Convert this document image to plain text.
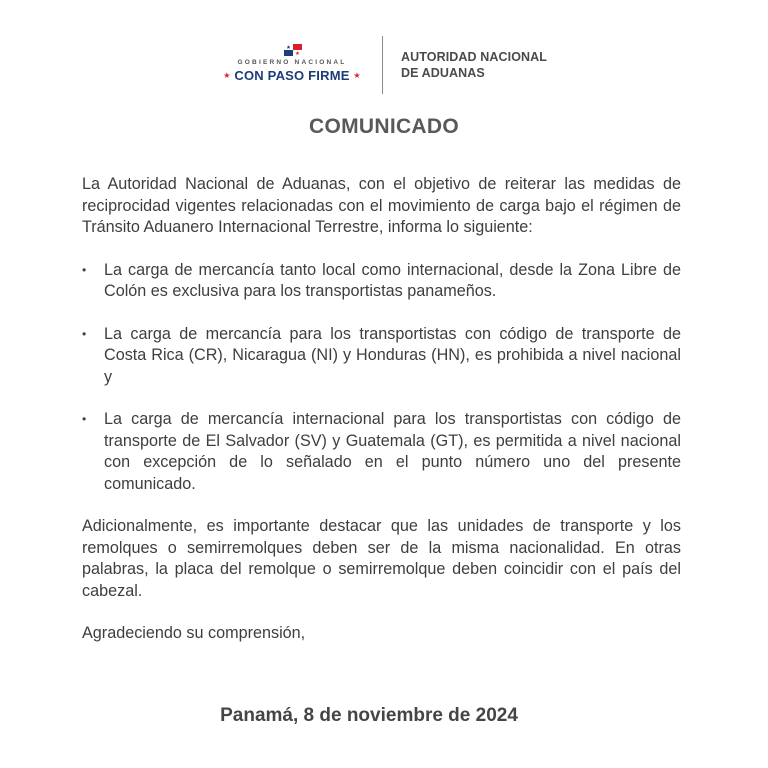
GOBIERNO NACIONAL
★ CON PASO FIRME ★
AUTORIDAD NACIONAL
DE ADUANAS
COMUNICADO

La Autoridad Nacional de Aduanas, con el objetivo de reiterar las medidas de reciprocidad vigentes relacionadas con el movimiento de carga bajo el régimen de Tránsito Aduanero Internacional Terrestre, informa lo siguiente:

• La carga de mercancía tanto local como internacional, desde la Zona Libre de Colón es exclusiva para los transportistas panameños.
• La carga de mercancía para los transportistas con código de transporte de Costa Rica (CR), Nicaragua (NI) y Honduras (HN), es prohibida a nivel nacional y
• La carga de mercancía internacional para los transportistas con código de transporte de El Salvador (SV) y Guatemala (GT), es permitida a nivel nacional con excepción de lo señalado en el punto número uno del presente comunicado.

Adicionalmente, es importante destacar que las unidades de transporte y los remolques o semirremolques deben ser de la misma nacionalidad. En otras palabras, la placa del remolque o semirremolque deben coincidir con el país del cabezal.

Agradeciendo su comprensión,

Panamá, 8 de noviembre de 2024
